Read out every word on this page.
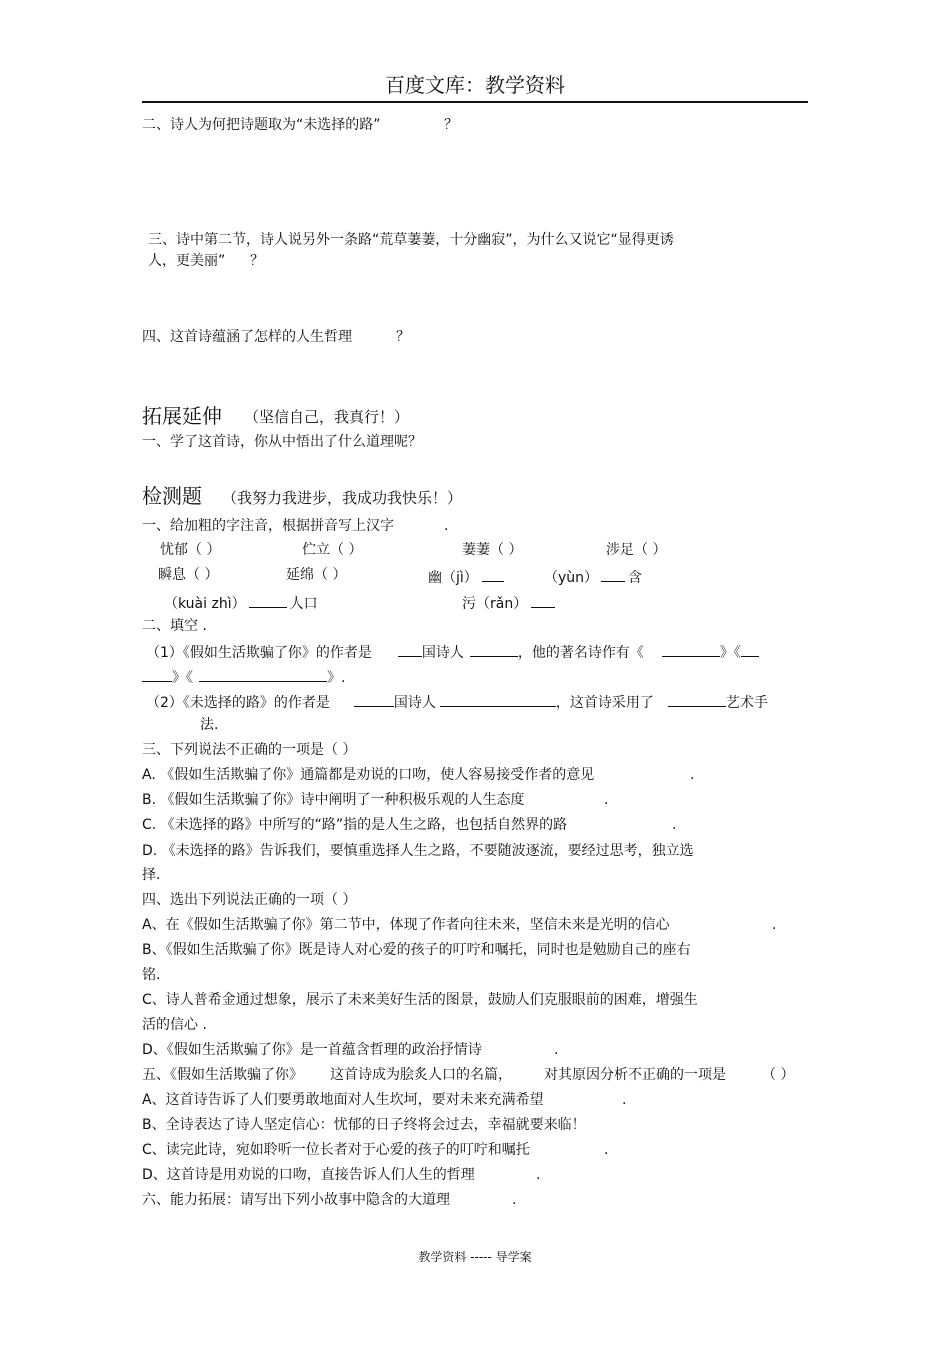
百度文库：教学资料
二、诗人为何把诗题取为“未选择的路”	？
三、诗中第二节，诗人说另外一条路“荒草萋萋，十分幽寂”，为什么又说它“显得更诱
人，更美丽” ？
四、这首诗蕴涵了怎样的人生哲理	？
拓展延伸 （坚信自己，我真行！）
一、学了这首诗，你从中悟出了什么道理呢？
检测题 （我努力我进步，我成功我快乐！）
一、给加粗的字注音，根据拼音写上汉字	.
忧郁（ ）	伫立（ ）	萋萋（ ）	涉足（ ）
瞬息（ ）	延绵（ ）	幽（jì）	（yùn） 含
（kuài zhì）	人口	污（rǎn）
二、填空 .
（1）《假如生活欺骗了你》的作者是	国诗人	，他的著名诗作有《	》《
》《	》.
（2）《未选择的路》的作者是	国诗人	，这首诗采用了	艺术手
法.
三、下列说法不正确的一项是（ ）
A. 《假如生活欺骗了你》通篇都是劝说的口吻，使人容易接受作者的意见	.
B. 《假如生活欺骗了你》诗中阐明了一种积极乐观的人生态度	.
C. 《未选择的路》中所写的“路”指的是人生之路，也包括自然界的路	.
D. 《未选择的路》告诉我们，要慎重选择人生之路，不要随波逐流，要经过思考，独立选
择.
四、选出下列说法正确的一项（ ）
A、在《假如生活欺骗了你》第二节中，体现了作者向往未来，坚信未来是光明的信心	.
B、《假如生活欺骗了你》既是诗人对心爱的孩子的叮咛和嘱托，同时也是勉励自己的座右
铭.
C、诗人普希金通过想象，展示了未来美好生活的图景，鼓励人们克服眼前的困难，增强生
活的信心 .
D、《假如生活欺骗了你》是一首蕴含哲理的政治抒情诗	.
五、《假如生活欺骗了你》 这首诗成为脍炙人口的名篇， 对其原因分析不正确的一项是	（ ）
A、这首诗告诉了人们要勇敢地面对人生坎坷，要对未来充满希望	.
B、全诗表达了诗人坚定信心：忧郁的日子终将会过去，幸福就要来临！
C、读完此诗，宛如聆听一位长者对于心爱的孩子的叮咛和嘱托	.
D、这首诗是用劝说的口吻，直接告诉人们人生的哲理	.
六、能力拓展：请写出下列小故事中隐含的大道理	.
教学资料 ----- 导学案
